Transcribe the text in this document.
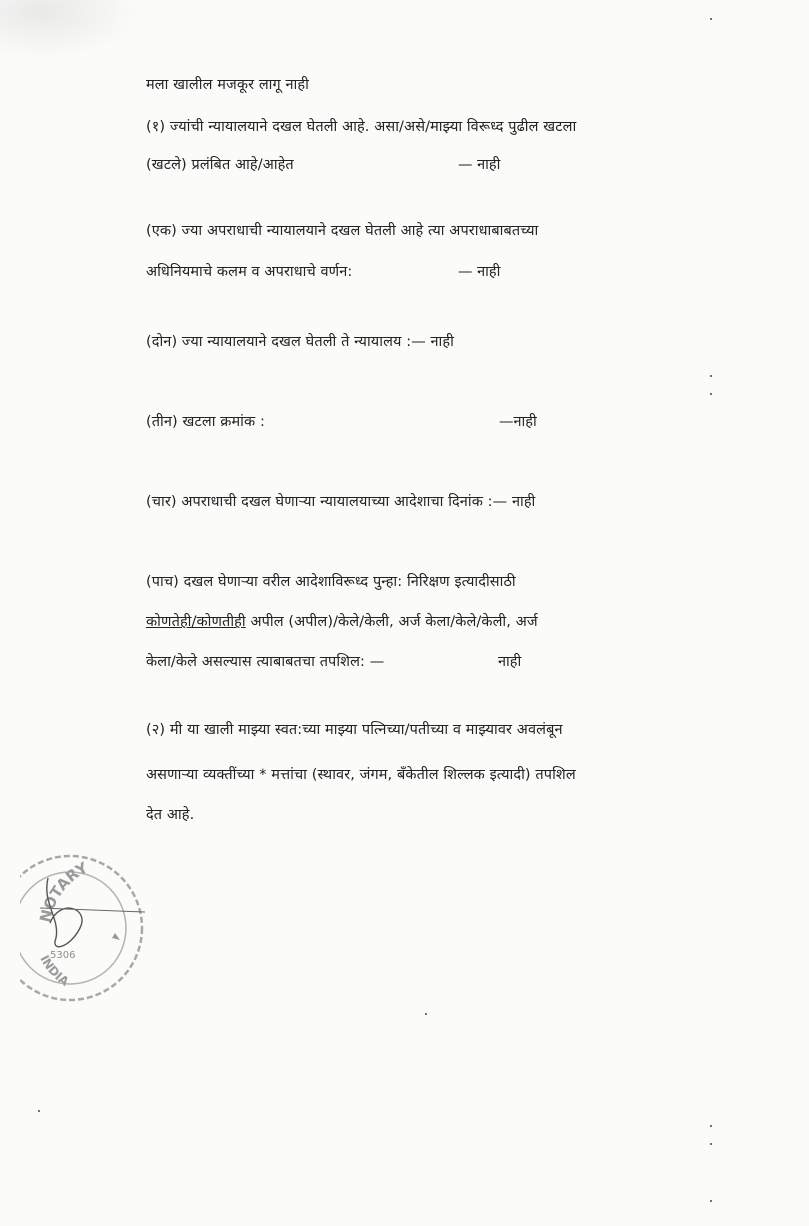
मला खालील मजकूर लागू नाही
(१) ज्यांची न्यायालयाने दखल घेतली आहे. असा/असे/माझ्या विरूध्द पुढील खटला
(खटले) प्रलंबित आहे/आहेत	— नाही
(एक) ज्या अपराधाची न्यायालयाने दखल घेतली आहे त्या अपराधाबाबतच्या
अधिनियमाचे कलम व अपराधाचे वर्णन:	— नाही
(दोन) ज्या न्यायालयाने दखल घेतली ते न्यायालय :— नाही
(तीन) खटला क्रमांक :	—नाही
(चार) अपराधाची दखल घेणाऱ्या न्यायालयाच्या आदेशाचा दिनांक :— नाही
(पाच) दखल घेणाऱ्या वरील आदेशाविरूध्द पुन्हा: निरिक्षण इत्यादीसाठी
कोणतेही/कोणतीही अपील (अपील)/केले/केली, अर्ज केला/केले/केली, अर्ज
केला/केले असल्यास त्याबाबतचा तपशिल: —	नाही
(२) मी या खाली माझ्या स्वत:च्या माझ्या पत्निच्या/पतीच्या व माझ्यावर अवलंबून
असणाऱ्या व्यक्तींच्या * मत्तांचा (स्थावर, जंगम, बँकेतील शिल्लक इत्यादी) तपशिल
देत आहे.
NOTARY
INDIA
5306
